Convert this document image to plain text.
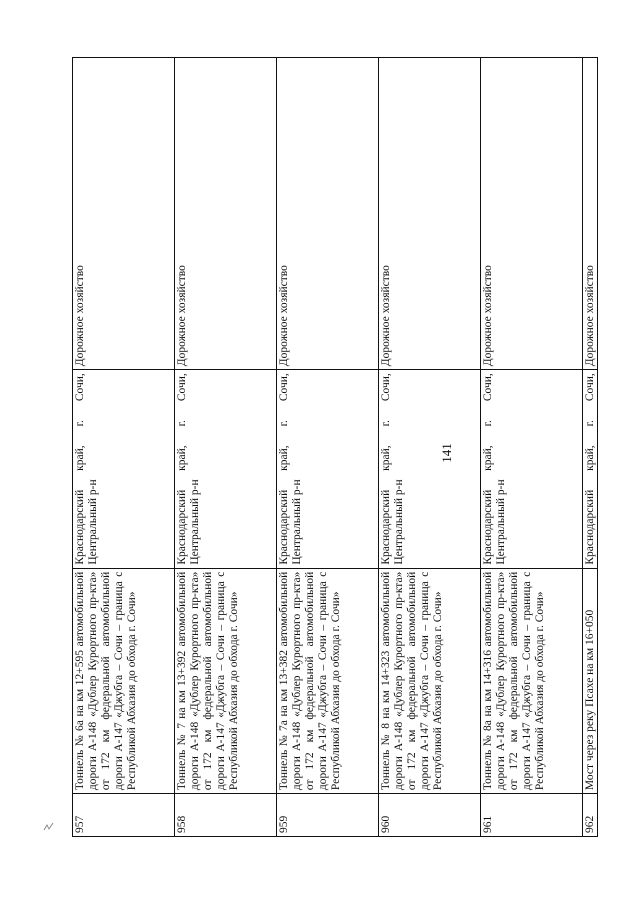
141
957
Тоннель № 6а на км 12+595 автомобильной дороги А-148 «Дублер Курортного пр-кта» от 172 км федеральной автомобильной дороги А-147 «Джубга – Сочи – граница с Республикой Абхазия до обхода г. Сочи»
Краснодарский
край,
г.
Сочи,
Центральный р-н
Дорожное хозяйство
958
Тоннель № 7 на км 13+392 автомобильной дороги А-148 «Дублер Курортного пр-кта» от 172 км федеральной автомобильной дороги А-147 «Джубга – Сочи – граница с Республикой Абхазия до обхода г. Сочи»
Краснодарский
край,
г.
Сочи,
Центральный р-н
Дорожное хозяйство
959
Тоннель № 7а на км 13+382 автомобильной дороги А-148 «Дублер Курортного пр-кта» от 172 км федеральной автомобильной дороги А-147 «Джубга – Сочи – граница с Республикой Абхазия до обхода г. Сочи»
Краснодарский
край,
г.
Сочи,
Центральный р-н
Дорожное хозяйство
960
Тоннель № 8 на км 14+323 автомобильной дороги А-148 «Дублер Курортного пр-кта» от 172 км федеральной автомобильной дороги А-147 «Джубга – Сочи – граница с Республикой Абхазия до обхода г. Сочи»
Краснодарский
край,
г.
Сочи,
Центральный р-н
Дорожное хозяйство
961
Тоннель № 8а на км 14+316 автомобильной дороги А-148 «Дублер Курортного пр-кта» от 172 км федеральной автомобильной дороги А-147 «Джубга – Сочи – граница с Республикой Абхазия до обхода г. Сочи»
Краснодарский
край,
г.
Сочи,
Центральный р-н
Дорожное хозяйство
962
Мост через реку Псахе на км 16+050
Краснодарский
край,
г.
Сочи,
Дорожное хозяйство
